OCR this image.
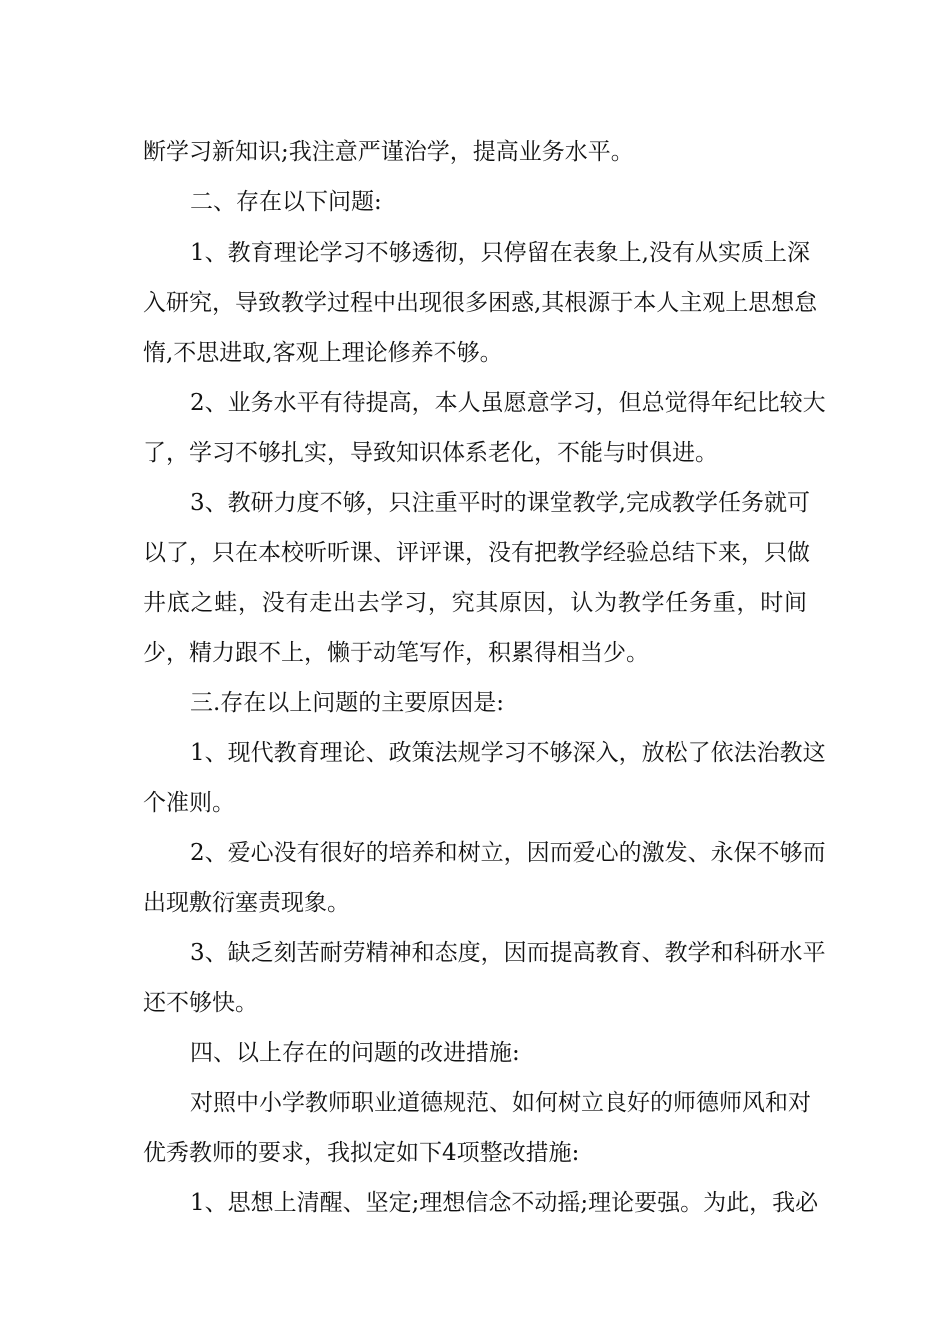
断学习新知识;我注意严谨治学，提高业务水平。
二、存在以下问题:
1、教育理论学习不够透彻，只停留在表象上,没有从实质上深
入研究，导致教学过程中出现很多困惑,其根源于本人主观上思想怠
惰,不思进取,客观上理论修养不够。
2、业务水平有待提高，本人虽愿意学习，但总觉得年纪比较大
了，学习不够扎实，导致知识体系老化，不能与时俱进。
3、教研力度不够，只注重平时的课堂教学,完成教学任务就可
以了，只在本校听听课、评评课，没有把教学经验总结下来，只做
井底之蛙，没有走出去学习，究其原因，认为教学任务重，时间
少，精力跟不上，懒于动笔写作，积累得相当少。
三.存在以上问题的主要原因是:
1、现代教育理论、政策法规学习不够深入，放松了依法治教这
个准则。
2、爱心没有很好的培养和树立，因而爱心的激发、永保不够而
出现敷衍塞责现象。
3、缺乏刻苦耐劳精神和态度，因而提高教育、教学和科研水平
还不够快。
四、以上存在的问题的改进措施:
对照中小学教师职业道德规范、如何树立良好的师德师风和对
优秀教师的要求，我拟定如下4项整改措施:
1、思想上清醒、坚定;理想信念不动摇;理论要强。为此，我必
